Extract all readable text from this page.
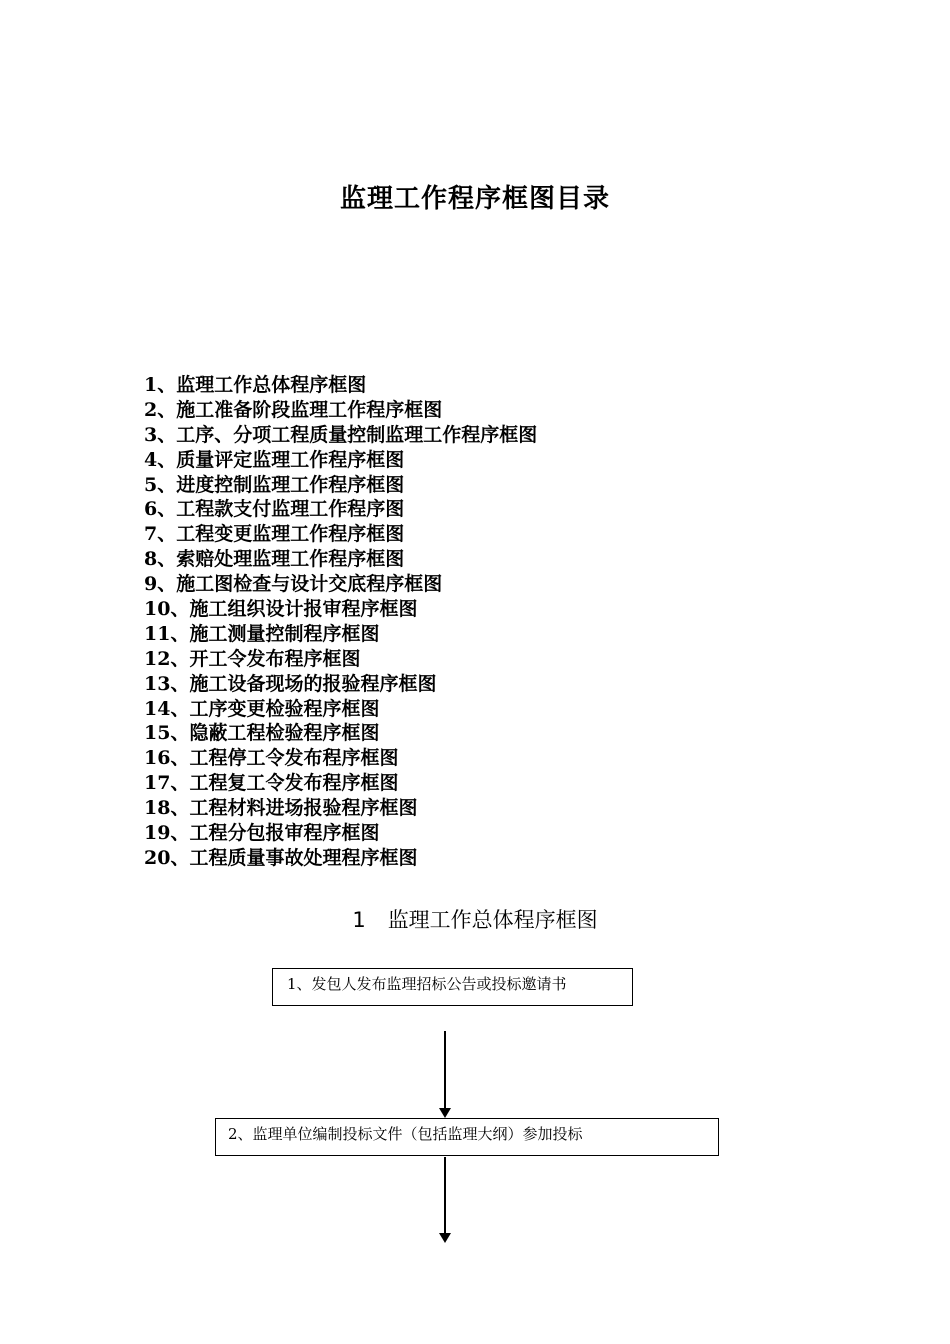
监理工作程序框图目录
1、监理工作总体程序框图
2、施工准备阶段监理工作程序框图
3、工序、分项工程质量控制监理工作程序框图
4、质量评定监理工作程序框图
5、进度控制监理工作程序框图
6、工程款支付监理工作程序图
7、工程变更监理工作程序框图
8、索赔处理监理工作程序框图
9、施工图检查与设计交底程序框图
10、施工组织设计报审程序框图
11、施工测量控制程序框图
12、开工令发布程序框图
13、施工设备现场的报验程序框图
14、工序变更检验程序框图
15、隐蔽工程检验程序框图
16、工程停工令发布程序框图
17、工程复工令发布程序框图
18、工程材料进场报验程序框图
19、工程分包报审程序框图
20、工程质量事故处理程序框图
1 监理工作总体程序框图
1、发包人发布监理招标公告或投标邀请书
2、监理单位编制投标文件（包括监理大纲）参加投标
